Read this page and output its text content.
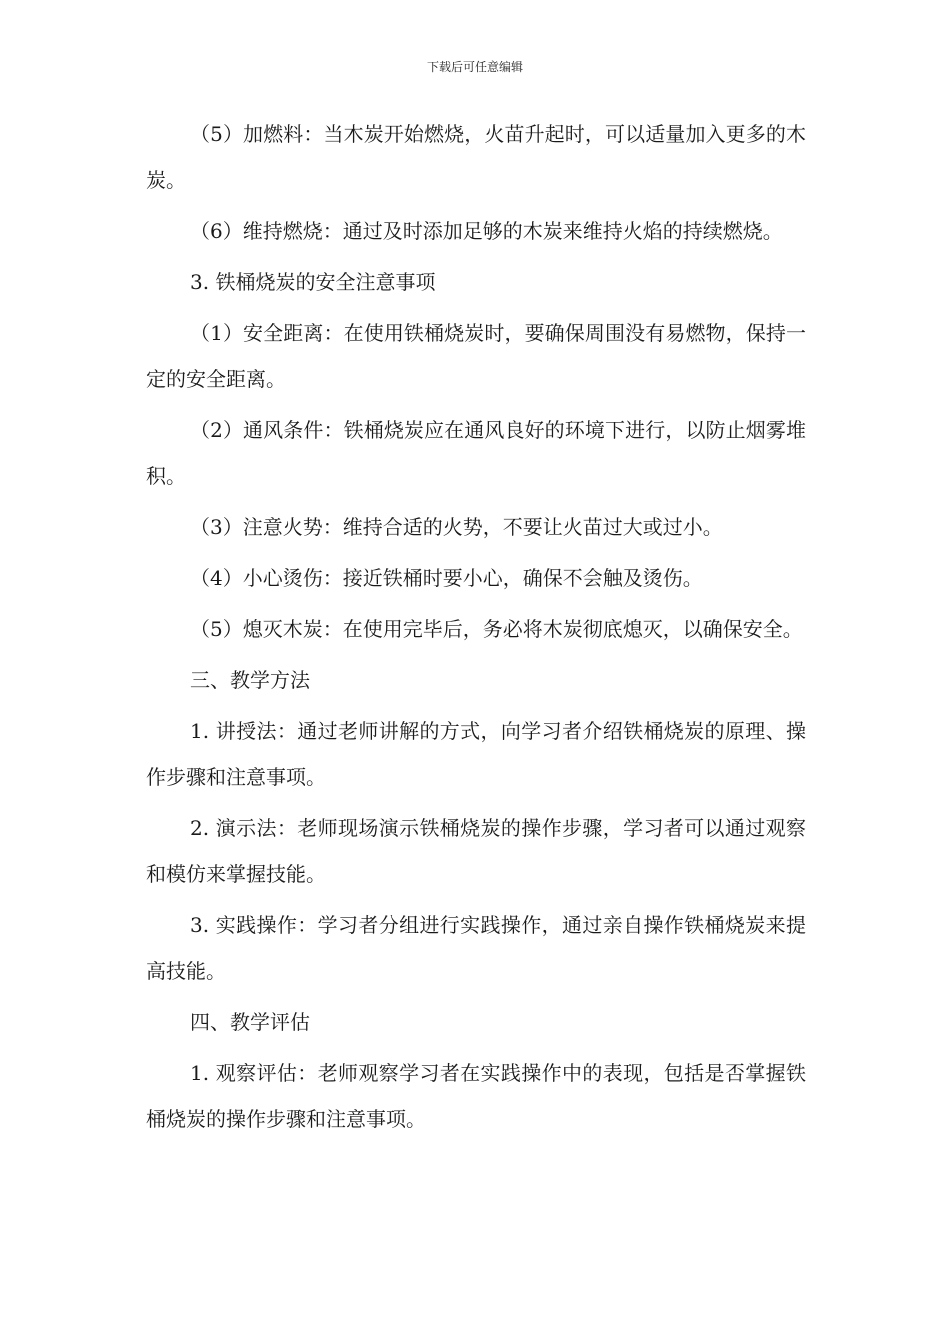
下载后可任意编辑

（5）加燃料：当木炭开始燃烧，火苗升起时，可以适量加入更多的木炭。

（6）维持燃烧：通过及时添加足够的木炭来维持火焰的持续燃烧。

3. 铁桶烧炭的安全注意事项

（1）安全距离：在使用铁桶烧炭时，要确保周围没有易燃物，保持一定的安全距离。

（2）通风条件：铁桶烧炭应在通风良好的环境下进行，以防止烟雾堆积。

（3）注意火势：维持合适的火势，不要让火苗过大或过小。

（4）小心烫伤：接近铁桶时要小心，确保不会触及烫伤。

（5）熄灭木炭：在使用完毕后，务必将木炭彻底熄灭，以确保安全。

三、教学方法

1. 讲授法：通过老师讲解的方式，向学习者介绍铁桶烧炭的原理、操作步骤和注意事项。

2. 演示法：老师现场演示铁桶烧炭的操作步骤，学习者可以通过观察和模仿来掌握技能。

3. 实践操作：学习者分组进行实践操作，通过亲自操作铁桶烧炭来提高技能。

四、教学评估

1. 观察评估：老师观察学习者在实践操作中的表现，包括是否掌握铁桶烧炭的操作步骤和注意事项。
